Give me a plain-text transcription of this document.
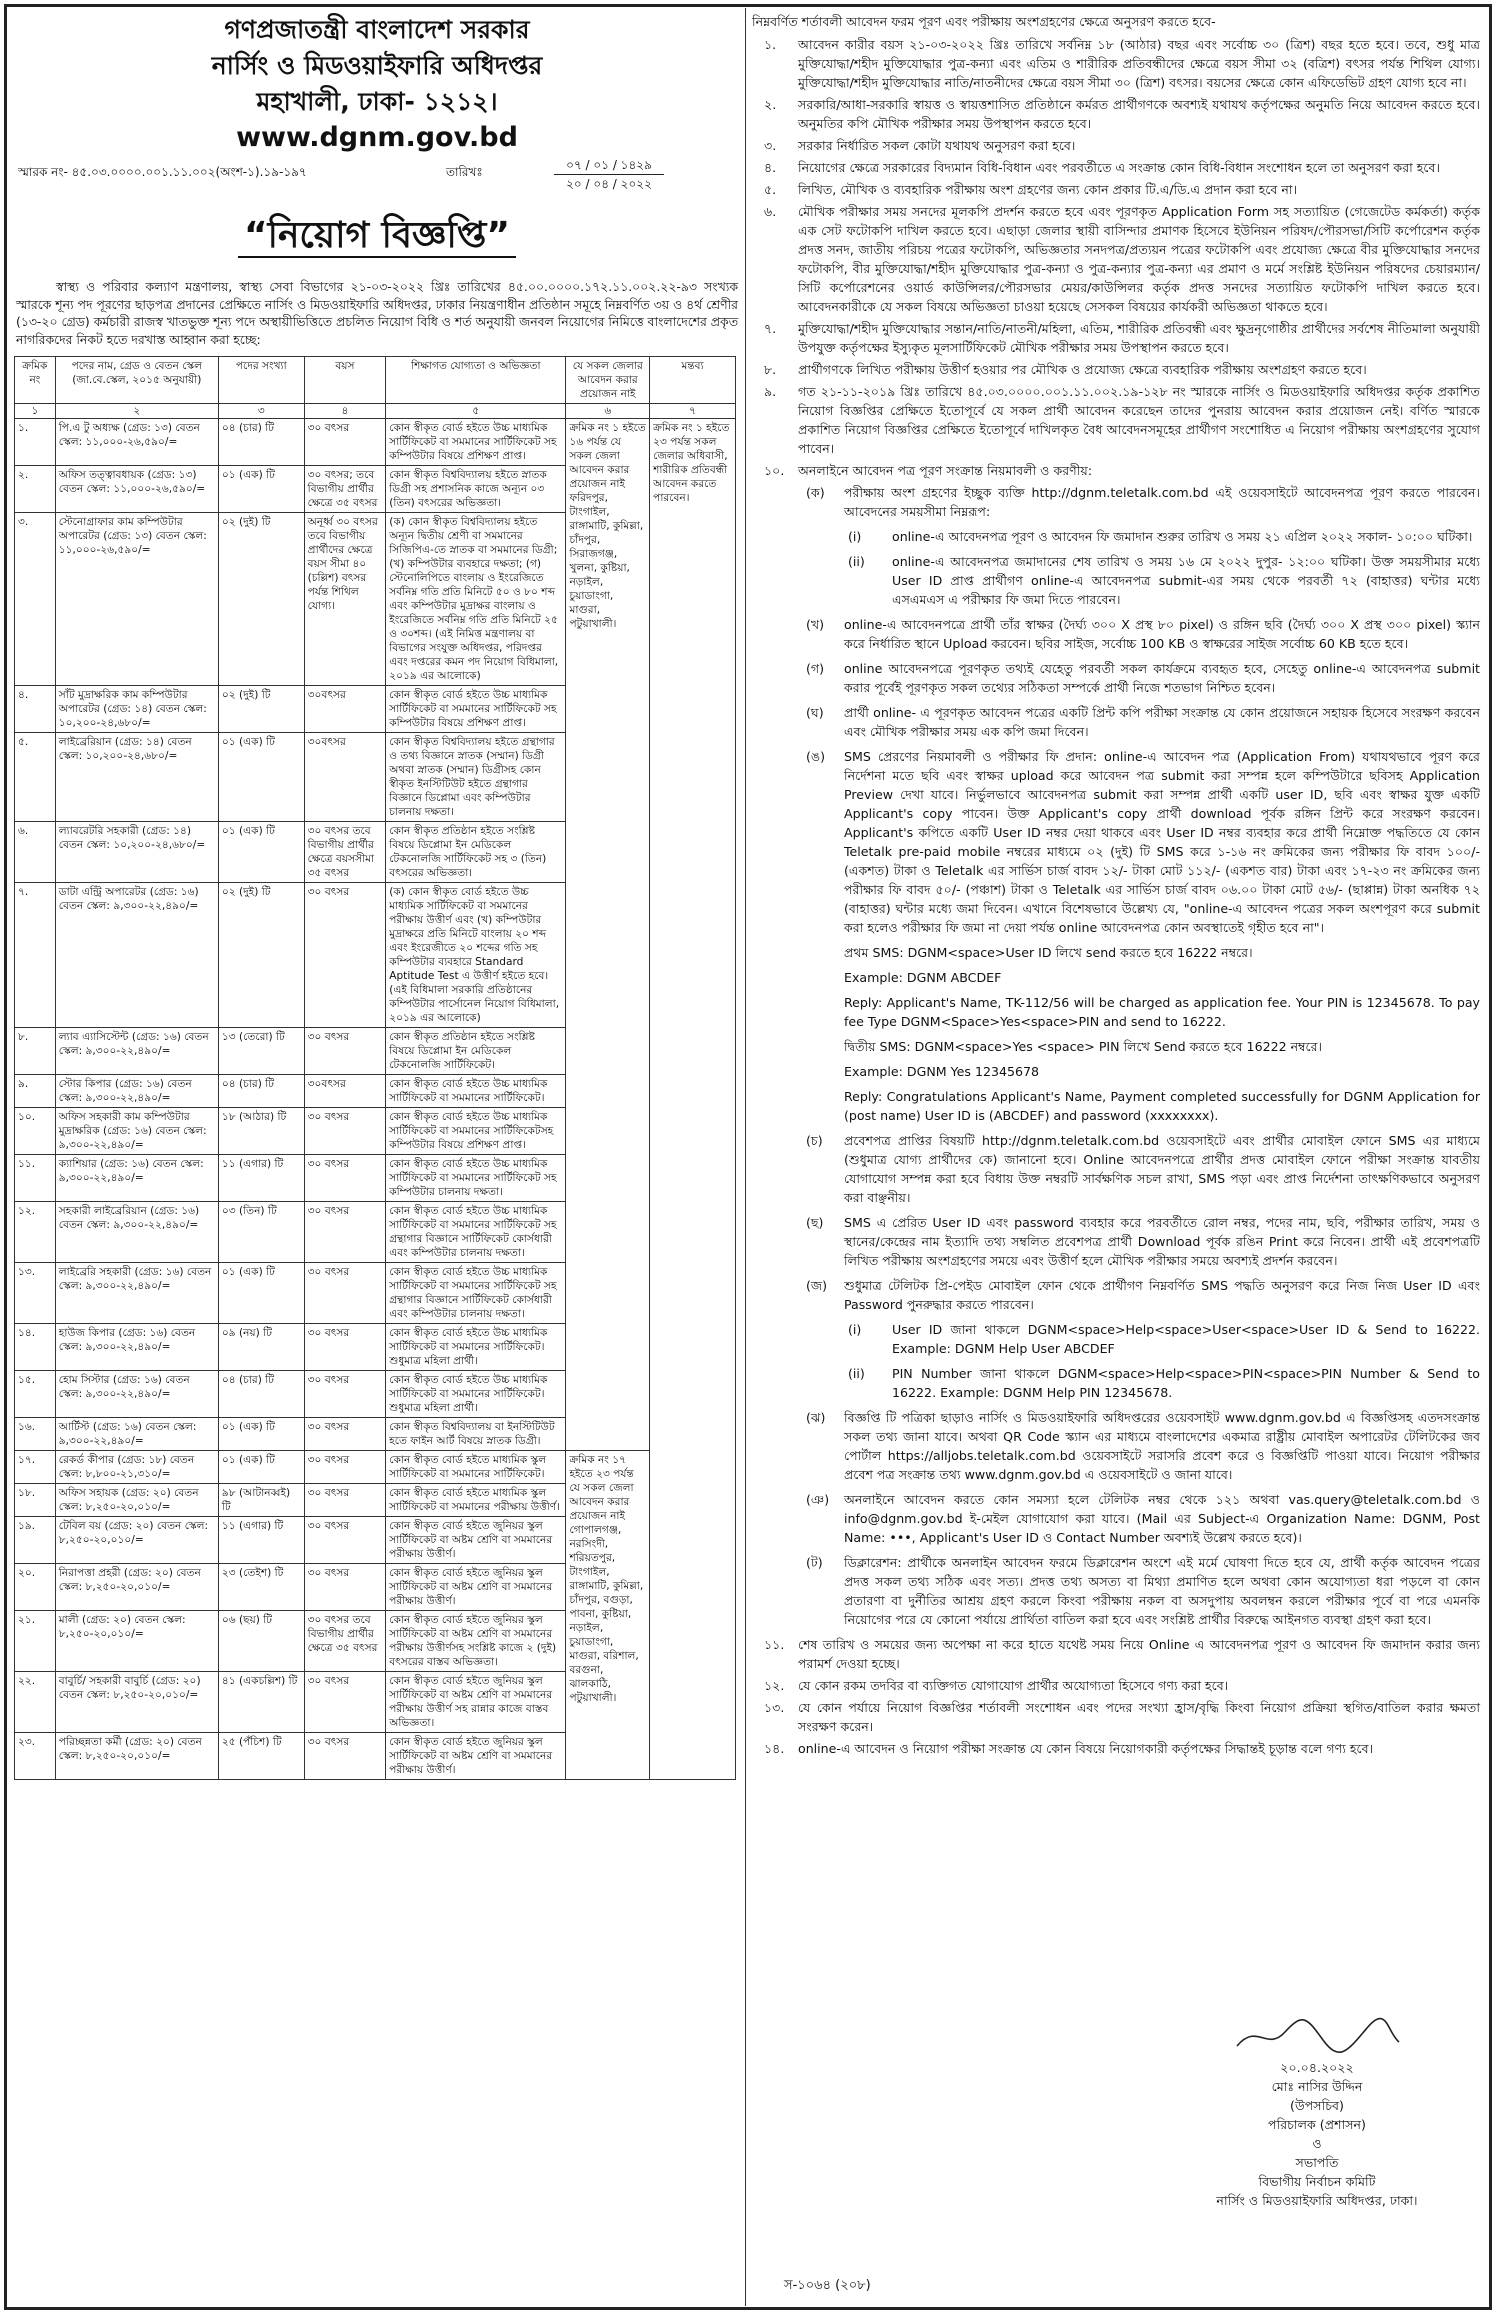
গণপ্রজাতন্ত্রী বাংলাদেশ সরকার
নার্সিং ও মিডওয়াইফারি অধিদপ্তর
মহাখালী, ঢাকা- ১২১২।
www.dgnm.gov.bd
স্মারক নং- ৪৫.০৩.০০০০.০০১.১১.০০২(অংশ-১).১৯-১৯৭	তারিখঃ	০৭ / ০১ / ১৪২৯
২০ / ০৪ / ২০২২
“নিয়োগ বিজ্ঞপ্তি”
স্বাস্থ্য ও পরিবার কল্যাণ মন্ত্রণালয়, স্বাস্থ্য সেবা বিভাগের ২১-০৩-২০২২ খ্রিঃ তারিখের ৪৫.০০.০০০০.১৭২.১১.০০২.২২-৯৩ সংখ্যক স্মারকে শূন্য পদ পূরণের ছাড়পত্র প্রদানের প্রেক্ষিতে নার্সিং ও মিডওয়াইফারি অধিদপ্তর, ঢাকার নিয়ন্ত্রণাধীন প্রতিষ্ঠান সমূহে নিম্নবর্ণিত ৩য় ও ৪র্থ শ্রেণীর (১৩-২০ গ্রেড) কর্মচারী রাজস্ব খাতভুক্ত শূন্য পদে অস্থায়ীভিত্তিতে প্রচলিত নিয়োগ বিধি ও শর্ত অনুযায়ী জনবল নিয়োগের নিমিত্তে বাংলাদেশের প্রকৃত নাগরিকদের নিকট হতে দরখাস্ত আহ্বান করা হচ্ছে:
ক্রমিক নং	পদের নাম, গ্রেড ও বেতন স্কেল (জা.বে.স্কেল, ২০১৫ অনুযায়ী)	পদের সংখ্যা	বয়স	শিক্ষাগত যোগ্যতা ও অভিজ্ঞতা	যে সকল জেলার আবেদন করার প্রয়োজন নাই	মন্তব্য
১	২	৩	৪	৫	৬	৭
১.	পি.এ টু অধ্যক্ষ (গ্রেড: ১৩) বেতন স্কেল: ১১,০০০-২৬,৫৯০/=	০৪ (চার) টি	৩০ বৎসর	কোন স্বীকৃত বোর্ড হইতে উচ্চ মাধ্যমিক সার্টিফিকেট বা সমমানের সার্টিফিকেট সহ কম্পিউটার বিষয়ে প্রশিক্ষণ প্রাপ্ত।	ক্রমিক নং ১ হইতে ১৬ পর্যন্ত যে সকল জেলা আবেদন করার প্রয়োজন নাই ফরিদপুর, টাংগাইল, রাঙ্গামাটি, কুমিল্লা, চাঁদপুর, সিরাজগঞ্জ, খুলনা, কুষ্টিয়া, নড়াইল, চুয়াডাংগা, মাগুরা, পটুয়াখালী।	ক্রমিক নং ১ হইতে ২৩ পর্যন্ত সকল জেলার অধিবাসী, শারীরিক প্রতিবন্ধী আবেদন করতে পারবেন।
২.	অফিস তত্ত্বাবধায়ক (গ্রেড: ১৩) বেতন স্কেল: ১১,০০০-২৬,৫৯০/=	০১ (এক) টি	৩০ বৎসর; তবে বিভাগীয় প্রার্থীর ক্ষেত্রে ৩৫ বৎসর	কোন স্বীকৃত বিশ্ববিদ্যালয় হইতে স্নাতক ডিগ্রী সহ প্রশাসনিক কাজে অন্যূন ০৩ (তিন) বৎসরের অভিজ্ঞতা।		
৩.	স্টেনোগ্রাফার কাম কম্পিউটার অপারেটর (গ্রেড: ১৩) বেতন স্কেল: ১১,০০০-২৬,৫৯০/=	০২ (দুই) টি	অনূর্ধ্ব ৩০ বৎসর তবে বিভাগীয় প্রার্থীদের ক্ষেত্রে বয়স সীমা ৪০ (চল্লিশ) বৎসর পর্যন্ত শিথিল যোগ্য।	(ক) কোন স্বীকৃত বিশ্ববিদ্যালয় হইতে অন্যূন দ্বিতীয় শ্রেণী বা সমমানের সিজিপিএ-তে স্নাতক বা সমমানের ডিগ্রী; (খ) কম্পিউটার ব্যবহারে দক্ষতা; (গ) স্টেনোলিপিতে বাংলায় ও ইংরেজিতে সর্বনিম্ন গতি প্রতি মিনিটে ৫০ ও ৮০ শব্দ এবং কম্পিউটার মুদ্রাক্ষর বাংলায় ও ইংরেজিতে সর্বনিম্ন গতি প্রতি মিনিটে ২৫ ও ৩০শব্দ। (এই নিমিত্ত মন্ত্রণালয় বা বিভাগের সংযুক্ত অধিদপ্তর, পরিদপ্তর এবং দপ্তরের কমন পদ নিয়োগ বিধিমালা, ২০১৯ এর আলোকে)		
৪.	সাঁট মুদ্রাক্ষরিক কাম কম্পিউটার অপারেটর (গ্রেড: ১৪) বেতন স্কেল: ১০,২০০-২৪,৬৮০/=	০২ (দুই) টি	৩০বৎসর	কোন স্বীকৃত বোর্ড হইতে উচ্চ মাধ্যমিক সার্টিফিকেট বা সমমানের সার্টিফিকেট সহ কম্পিউটার বিষয়ে প্রশিক্ষণ প্রাপ্ত।		
৫.	লাইব্রেরিয়ান (গ্রেড: ১৪) বেতন স্কেল: ১০,২০০-২৪,৬৮০/=	০১ (এক) টি	৩০বৎসর	কোন স্বীকৃত বিশ্ববিদ্যালয় হইতে গ্রন্থাগার ও তথ্য বিজ্ঞানে স্নাতক (সম্মান) ডিগ্রী অথবা স্নাতক (সম্মান) ডিগ্রীসহ কোন স্বীকৃত ইনস্টিটিউট হইতে গ্রন্থাগার বিজ্ঞানে ডিপ্লোমা এবং কম্পিউটার চালনায় দক্ষতা।		
৬.	ল্যাবরেটরি সহকারী (গ্রেড: ১৪) বেতন স্কেল: ১০,২০০-২৪,৬৮০/=	০১ (এক) টি	৩০ বৎসর তবে বিভাগীয় প্রার্থীর ক্ষেত্রে বয়সসীমা ৩৫ বৎসর	কোন স্বীকৃত প্রতিষ্ঠান হইতে সংশ্লিষ্ট বিষয়ে ডিপ্লোমা ইন মেডিকেল টেকনোলজি সার্টিফিকেট সহ ৩ (তিন) বৎসরের অভিজ্ঞতা।		
৭.	ডাটা এন্ট্রি অপারেটর (গ্রেড: ১৬) বেতন স্কেল: ৯,৩০০-২২,৪৯০/=	০২ (দুই) টি	৩০ বৎসর	(ক) কোন স্বীকৃত বোর্ড হইতে উচ্চ মাধ্যমিক সার্টিফিকেট বা সমমানের পরীক্ষায় উত্তীর্ণ এবং (খ) কম্পিউটার মুদ্রাক্ষরে প্রতি মিনিটে বাংলায় ২০ শব্দ এবং ইংরেজীতে ২০ শব্দের গতি সহ কম্পিউটার ব্যবহারে Standard Aptitude Test এ উত্তীর্ণ হইতে হবে। (এই বিধিমালা সরকারি প্রতিষ্ঠানের কম্পিউটার পার্সোনেল নিয়োগ বিধিমালা, ২০১৯ এর আলোকে)		
৮.	ল্যাব এ্যাসিস্টেন্ট (গ্রেড: ১৬) বেতন স্কেল: ৯,৩০০-২২,৪৯০/=	১৩ (তেরো) টি	৩০ বৎসর	কোন স্বীকৃত প্রতিষ্ঠান হইতে সংশ্লিষ্ট বিষয়ে ডিপ্লোমা ইন মেডিকেল টেকনোলজি সার্টিফিকেট।		
৯.	স্টোর কিপার (গ্রেড: ১৬) বেতন স্কেল: ৯,৩০০-২২,৪৯০/=	০৪ (চার) টি	৩০বৎসর	কোন স্বীকৃত বোর্ড হইতে উচ্চ মাধ্যমিক সার্টিফিকেট বা সমমানের সার্টিফিকেট।		
১০.	অফিস সহকারী কাম কম্পিউটার মুদ্রাক্ষরিক (গ্রেড: ১৬) বেতন স্কেল: ৯,৩০০-২২,৪৯০/=	১৮ (আঠার) টি	৩০ বৎসর	কোন স্বীকৃত বোর্ড হইতে উচ্চ মাধ্যমিক সার্টিফিকেট বা সমমানের সার্টিফিকেটসহ কম্পিউটার বিষয়ে প্রশিক্ষণ প্রাপ্ত।		
১১.	ক্যাশিয়ার (গ্রেড: ১৬) বেতন স্কেল: ৯,৩০০-২২,৪৯০/=	১১ (এগার) টি	৩০ বৎসর	কোন স্বীকৃত বোর্ড হইতে উচ্চ মাধ্যমিক সার্টিফিকেট বা সমমানের সার্টিফিকেট সহ কম্পিউটার চালনায় দক্ষতা।		
১২.	সহকারী লাইব্রেরিয়ান (গ্রেড: ১৬) বেতন স্কেল: ৯,৩০০-২২,৪৯০/=	০৩ (তিন) টি	৩০ বৎসর	কোন স্বীকৃত বোর্ড হইতে উচ্চ মাধ্যমিক সার্টিফিকেট বা সমমানের সার্টিফিকেট সহ গ্রন্থাগার বিজ্ঞানে সার্টিফিকেট কোর্সধারী এবং কম্পিউটার চালনায় দক্ষতা।		
১৩.	লাইব্রেরি সহকারী (গ্রেড: ১৬) বেতন স্কেল: ৯,৩০০-২২,৪৯০/=	০১ (এক) টি	৩০ বৎসর	কোন স্বীকৃত বোর্ড হইতে উচ্চ মাধ্যমিক সার্টিফিকেট বা সমমানের সার্টিফিকেট সহ গ্রন্থাগার বিজ্ঞানে সার্টিফিকেট কোর্সধারী এবং কম্পিউটার চালনায় দক্ষতা।		
১৪.	হাউজ কিপার (গ্রেড: ১৬) বেতন স্কেল: ৯,৩০০-২২,৪৯০/=	০৯ (নয়) টি	৩০ বৎসর	কোন স্বীকৃত বোর্ড হইতে উচ্চ মাধ্যমিক সার্টিফিকেট বা সমমানের সার্টিফিকেট। শুধুমাত্র মহিলা প্রার্থী।		
১৫.	হোম সিস্টার (গ্রেড: ১৬) বেতন স্কেল: ৯,৩০০-২২,৪৯০/=	০৪ (চার) টি	৩০ বৎসর	কোন স্বীকৃত বোর্ড হইতে উচ্চ মাধ্যমিক সার্টিফিকেট বা সমমানের সার্টিফিকেট। শুধুমাত্র মহিলা প্রার্থী।		
১৬.	আর্টিস্ট (গ্রেড: ১৬) বেতন স্কেল: ৯,৩০০-২২,৪৯০/=	০১ (এক) টি	৩০ বৎসর	কোন স্বীকৃত বিশ্ববিদ্যালয় বা ইনস্টিটিউট হতে ফাইন আর্ট বিষয়ে স্নাতক ডিগ্রী।		
১৭.	রেকর্ড কীপার (গ্রেড: ১৮) বেতন স্কেল: ৮,৮০০-২১,৩১০/=	০১ (এক) টি	৩০ বৎসর	কোন স্বীকৃত বোর্ড হইতে মাধ্যমিক স্কুল সার্টিফিকেট বা সমমানের সার্টিফিকেট।	ক্রমিক নং ১৭ হইতে ২৩ পর্যন্ত যে সকল জেলা আবেদন করার প্রয়োজন নাই গোপালগঞ্জ, নরসিংদী, শরিয়তপুর, টাংগাইল, রাঙ্গামাটি, কুমিল্লা, চাঁদপুর, বগুড়া, পাবনা, কুষ্টিয়া, নড়াইল, চুয়াডাংগা, মাগুরা, বরিশাল, বরগুনা, ঝালকাঠি, পটুয়াখালী।	
১৮.	অফিস সহায়ক (গ্রেড: ২০) বেতন স্কেল: ৮,২৫০-২০,০১০/=	৯৮ (আটানব্বই) টি	৩০ বৎসর	কোন স্বীকৃত বোর্ড হইতে মাধ্যমিক স্কুল সার্টিফিকেট বা সমমানের পরীক্ষায় উত্তীর্ণ।		
১৯.	টেবিল বয় (গ্রেড: ২০) বেতন স্কেল: ৮,২৫০-২০,০১০/=	১১ (এগার) টি	৩০ বৎসর	কোন স্বীকৃত বোর্ড হইতে জুনিয়র স্কুল সার্টিফিকেট বা অষ্টম শ্রেণি বা সমমানের পরীক্ষায় উত্তীর্ণ।		
২০.	নিরাপত্তা প্রহরী (গ্রেড: ২০) বেতন স্কেল: ৮,২৫০-২০,০১০/=	২৩ (তেইশ) টি	৩০ বৎসর	কোন স্বীকৃত বোর্ড হইতে জুনিয়র স্কুল সার্টিফিকেট বা অষ্টম শ্রেণি বা সমমানের পরীক্ষায় উত্তীর্ণ।		
২১.	মালী (গ্রেড: ২০) বেতন স্কেল: ৮,২৫০-২০,০১০/=	০৬ (ছয়) টি	৩০ বৎসর তবে বিভাগীয় প্রার্থীর ক্ষেত্রে ৩৫ বৎসর	কোন স্বীকৃত বোর্ড হইতে জুনিয়র স্কুল সার্টিফিকেট বা অষ্টম শ্রেণি বা সমমানের পরীক্ষায় উত্তীর্ণসহ সংশ্লিষ্ট কাজে ২ (দুই) বৎসরের বাস্তব অভিজ্ঞতা।		
২২.	বাবুর্চি/ সহকারী বাবুর্চি (গ্রেড: ২০) বেতন স্কেল: ৮,২৫০-২০,০১০/=	৪১ (একচল্লিশ) টি	৩০ বৎসর	কোন স্বীকৃত বোর্ড হইতে জুনিয়র স্কুল সার্টিফিকেট বা অষ্টম শ্রেণি বা সমমানের পরীক্ষায় উত্তীর্ণ সহ রান্নার কাজে বাস্তব অভিজ্ঞতা।		
২৩.	পরিচ্ছন্নতা কর্মী (গ্রেড: ২০) বেতন স্কেল: ৮,২৫০-২০,০১০/=	২৫ (পঁচিশ) টি	৩০ বৎসর	কোন স্বীকৃত বোর্ড হইতে জুনিয়র স্কুল সার্টিফিকেট বা অষ্টম শ্রেণি বা সমমানের পরীক্ষায় উত্তীর্ণ।		
নিম্নবর্ণিত শর্তাবলী আবেদন ফরম পূরণ এবং পরীক্ষায় অংশগ্রহণের ক্ষেত্রে অনুসরণ করতে হবে-
১. আবেদন কারীর বয়স ২১-০৩-২০২২ খ্রিঃ তারিখে সর্বনিম্ন ১৮ (আঠার) বছর এবং সর্বোচ্চ ৩০ (ত্রিশ) বছর হতে হবে। তবে, শুধু মাত্র মুক্তিযোদ্ধা/শহীদ মুক্তিযোদ্ধার পুত্র-কন্যা এবং এতিম ও শারীরিক প্রতিবন্ধীদের ক্ষেত্রে বয়স সীমা ৩২ (বত্রিশ) বৎসর পর্যন্ত শিথিল যোগ্য। মুক্তিযোদ্ধা/শহীদ মুক্তিযোদ্ধার নাতি/নাতনীদের ক্ষেত্রে বয়স সীমা ৩০ (ত্রিশ) বৎসর। বয়সের ক্ষেত্রে কোন এফিডেভিট গ্রহণ যোগ্য হবে না।
২. সরকারি/আধা-সরকারি স্বায়ত্ত ও স্বায়ত্তশাসিত প্রতিষ্ঠানে কর্মরত প্রার্থীগণকে অবশ্যই যথাযথ কর্তৃপক্ষের অনুমতি নিয়ে আবেদন করতে হবে। অনুমতির কপি মৌখিক পরীক্ষার সময় উপস্থাপন করতে হবে।
৩. সরকার নির্ধারিত সকল কোটা যথাযথ অনুসরণ করা হবে।
৪. নিয়োগের ক্ষেত্রে সরকারের বিদ্যমান বিধি-বিধান এবং পরবর্তীতে এ সংক্রান্ত কোন বিধি-বিধান সংশোধন হলে তা অনুসরণ করা হবে।
৫. লিখিত, মৌখিক ও ব্যবহারিক পরীক্ষায় অংশ গ্রহণের জন্য কোন প্রকার টি.এ/ডি.এ প্রদান করা হবে না।
৬. মৌখিক পরীক্ষার সময় সনদের মূলকপি প্রদর্শন করতে হবে এবং পূরণকৃত Application Form সহ সত্যায়িত (গেজেটেড কর্মকর্তা) কর্তৃক এক সেট ফটোকপি দাখিল করতে হবে। এছাড়া জেলার স্থায়ী বাসিন্দার প্রমাণক হিসেবে ইউনিয়ন পরিষদ/পৌরসভা/সিটি কর্পোরেশন কর্তৃক প্রদত্ত সনদ, জাতীয় পরিচয় পত্রের ফটোকপি, অভিজ্ঞতার সনদপত্র/প্রত্যয়ন পত্রের ফটোকপি এবং প্রযোজ্য ক্ষেত্রে বীর মুক্তিযোদ্ধার সনদের ফটোকপি, বীর মুক্তিযোদ্ধা/শহীদ মুক্তিযোদ্ধার পুত্র-কন্যা ও পুত্র-কন্যার পুত্র-কন্যা এর প্রমাণ ও মর্মে সংশ্লিষ্ট ইউনিয়ন পরিষদের চেয়ারম্যান/সিটি কর্পোরেশনের ওয়ার্ড কাউন্সিলর/পৌরসভার মেয়র/কাউন্সিলর কর্তৃক প্রদত্ত সনদের সত্যায়িত ফটোকপি দাখিল করতে হবে। আবেদনকারীকে যে সকল বিষয়ে অভিজ্ঞতা চাওয়া হয়েছে সেসকল বিষয়ের কার্যকরী অভিজ্ঞতা থাকতে হবে।
৭. মুক্তিযোদ্ধা/শহীদ মুক্তিযোদ্ধার সন্তান/নাতি/নাতনী/মহিলা, এতিম, শারীরিক প্রতিবন্ধী এবং ক্ষুদ্রনৃগোষ্ঠীর প্রার্থীদের সর্বশেষ নীতিমালা অনুযায়ী উপযুক্ত কর্তৃপক্ষের ইস্যুকৃত মূলসার্টিফিকেট মৌখিক পরীক্ষার সময় উপস্থাপন করতে হবে।
৮. প্রার্থীগণকে লিখিত পরীক্ষায় উত্তীর্ণ হওয়ার পর মৌখিক ও প্রযোজ্য ক্ষেত্রে ব্যবহারিক পরীক্ষায় অংশগ্রহণ করতে হবে।
৯. গত ২১-১১-২০১৯ খ্রিঃ তারিখে ৪৫.০৩.০০০০.০০১.১১.০০২.১৯-১২৮ নং স্মারকে নার্সিং ও মিডওয়াইফারি অধিদপ্তর কর্তৃক প্রকাশিত নিয়োগ বিজ্ঞপ্তির প্রেক্ষিতে ইতোপূর্বে যে সকল প্রার্থী আবেদন করেছেন তাদের পুনরায় আবেদন করার প্রয়োজন নেই। বর্ণিত স্মারকে প্রকাশিত নিয়োগ বিজ্ঞপ্তির প্রেক্ষিতে ইতোপূর্বে দাখিলকৃত বৈধ আবেদনসমূহের প্রার্থীগণ সংশোধিত এ নিয়োগ পরীক্ষায় অংশগ্রহণের সুযোগ পাবেন।
১০. অনলাইনে আবেদন পত্র পূরণ সংক্রান্ত নিয়মাবলী ও করণীয়:
(ক) পরীক্ষায় অংশ গ্রহণের ইচ্ছুক ব্যক্তি http://dgnm.teletalk.com.bd এই ওয়েবসাইটে আবেদনপত্র পূরণ করতে পারবেন। আবেদনের সময়সীমা নিম্নরূপ:
(i) online-এ আবেদনপত্র পূরণ ও আবেদন ফি জমাদান শুরুর তারিখ ও সময় ২১ এপ্রিল ২০২২ সকাল- ১০:০০ ঘটিকা।
(ii) online-এ আবেদনপত্র জমাদানের শেষ তারিখ ও সময় ১৬ মে ২০২২ দুপুর- ১২:০০ ঘটিকা। উক্ত সময়সীমার মধ্যে User ID প্রাপ্ত প্রার্থীগণ online-এ আবেদনপত্র submit-এর সময় থেকে পরবর্তী ৭২ (বাহাত্তর) ঘন্টার মধ্যে এসএমএস এ পরীক্ষার ফি জমা দিতে পারবেন।
(খ) online-এ আবেদনপত্রে প্রার্থী তাঁর স্বাক্ষর (দৈর্ঘ্য ৩০০ X প্রস্থ ৮০ pixel) ও রঙ্গিন ছবি (দৈর্ঘ্য ৩০০ X প্রস্থ ৩০০ pixel) স্ক্যান করে নির্ধারিত স্থানে Upload করবেন। ছবির সাইজ, সর্বোচ্চ 100 KB ও স্বাক্ষরের সাইজ সর্বোচ্চ 60 KB হতে হবে।
(গ) online আবেদনপত্রে পূরণকৃত তথ্যই যেহেতু পরবর্তী সকল কার্যক্রমে ব্যবহৃত হবে, সেহেতু online-এ আবেদনপত্র submit করার পূর্বেই পূরণকৃত সকল তথ্যের সঠিকতা সম্পর্কে প্রার্থী নিজে শতভাগ নিশ্চিত হবেন।
(ঘ) প্রার্থী online- এ পূরণকৃত আবেদন পত্রের একটি প্রিন্ট কপি পরীক্ষা সংক্রান্ত যে কোন প্রয়োজনে সহায়ক হিসেবে সংরক্ষণ করবেন এবং মৌখিক পরীক্ষার সময় এক কপি জমা দিবেন।
(ঙ) SMS প্রেরণের নিয়মাবলী ও পরীক্ষার ফি প্রদান: online-এ আবেদন পত্র (Application From) যথাযথভাবে পূরণ করে নির্দেশনা মতে ছবি এবং স্বাক্ষর upload করে আবেদন পত্র submit করা সম্পন্ন হলে কম্পিউটারে ছবিসহ Application Preview দেখা যাবে। নির্ভুলভাবে আবেদনপত্র submit করা সম্পন্ন প্রার্থী একটি user ID, ছবি এবং স্বাক্ষর যুক্ত একটি Applicant's copy পাবেন। উক্ত Applicant's copy প্রার্থী download পূর্বক রঙ্গিন প্রিন্ট করে সংরক্ষণ করবেন। Applicant's কপিতে একটি User ID নম্বর দেয়া থাকবে এবং User ID নম্বর ব্যবহার করে প্রার্থী নিম্নোক্ত পদ্ধতিতে যে কোন Teletalk pre-paid mobile নম্বরের মাধ্যমে ০২ (দুই) টি SMS করে ১-১৬ নং ক্রমিকের জন্য পরীক্ষার ফি বাবদ ১০০/- (একশত) টাকা ও Teletalk এর সার্ভিস চার্জ বাবদ ১২/- টাকা মোট ১১২/- (একশত বার) টাকা এবং ১৭-২৩ নং ক্রমিকের জন্য পরীক্ষার ফি বাবদ ৫০/- (পঞ্চাশ) টাকা ও Teletalk এর সার্ভিস চার্জ বাবদ ০৬.০০ টাকা মোট ৫৬/- (ছাপ্পান্ন) টাকা অনধিক ৭২ (বাহাত্তর) ঘন্টার মধ্যে জমা দিবেন। এখানে বিশেষভাবে উল্লেখ্য যে, "online-এ আবেদন পত্রের সকল অংশপূরণ করে submit করা হলেও পরীক্ষার ফি জমা না দেয়া পর্যন্ত online আবেদনপত্র কোন অবস্থাতেই গৃহীত হবে না"।
প্রথম SMS: DGNM<space>User ID লিখে send করতে হবে 16222 নম্বরে।
Example: DGNM ABCDEF
Reply: Applicant's Name, TK-112/56 will be charged as application fee. Your PIN is 12345678. To pay fee Type DGNM<Space>Yes<space>PIN and send to 16222.
দ্বিতীয় SMS: DGNM<space>Yes <space> PIN লিখে Send করতে হবে 16222 নম্বরে।
Example: DGNM Yes 12345678
Reply: Congratulations Applicant's Name, Payment completed successfully for DGNM Application for (post name) User ID is (ABCDEF) and password (xxxxxxxx).
(চ) প্রবেশপত্র প্রাপ্তির বিষয়টি http://dgnm.teletalk.com.bd ওয়েবসাইটে এবং প্রার্থীর মোবাইল ফোনে SMS এর মাধ্যমে (শুধুমাত্র যোগ্য প্রার্থীদের কে) জানানো হবে। Online আবেদনপত্রে প্রার্থীর প্রদত্ত মোবাইল ফোনে পরীক্ষা সংক্রান্ত যাবতীয় যোগাযোগ সম্পন্ন করা হবে বিধায় উক্ত নম্বরটি সার্বক্ষণিক সচল রাখা, SMS পড়া এবং প্রাপ্ত নির্দেশনা তাৎক্ষণিকভাবে অনুসরণ করা বাঞ্ছনীয়।
(ছ) SMS এ প্রেরিত User ID এবং password ব্যবহার করে পরবর্তীতে রোল নম্বর, পদের নাম, ছবি, পরীক্ষার তারিখ, সময় ও স্থানের/কেন্দ্রের নাম ইত্যাদি তথ্য সম্বলিত প্রবেশপত্র প্রার্থী Download পূর্বক রঙিন Print করে নিবেন। প্রার্থী এই প্রবেশপত্রটি লিখিত পরীক্ষায় অংশগ্রহণের সময়ে এবং উত্তীর্ণ হলে মৌখিক পরীক্ষার সময়ে অবশ্যই প্রদর্শন করবেন।
(জ) শুধুমাত্র টেলিটক প্রি-পেইড মোবাইল ফোন থেকে প্রার্থীগণ নিম্নবর্ণিত SMS পদ্ধতি অনুসরণ করে নিজ নিজ User ID এবং Password পুনরুদ্ধার করতে পারবেন।
(i) User ID জানা থাকলে DGNM<space>Help<space>User<space>User ID & Send to 16222. Example: DGNM Help User ABCDEF
(ii) PIN Number জানা থাকলে DGNM<space>Help<space>PIN<space>PIN Number & Send to 16222. Example: DGNM Help PIN 12345678.
(ঝ) বিজ্ঞপ্তি টি পত্রিকা ছাড়াও নার্সিং ও মিডওয়াইফারি অধিদপ্তরের ওয়েবসাইট www.dgnm.gov.bd এ বিজ্ঞপ্তিসহ এতদসংক্রান্ত সকল তথ্য জানা যাবে। অথবা QR Code স্ক্যান এর মাধ্যমে বাংলাদেশের একমাত্র রাষ্ট্রীয় মোবাইল অপারেটর টেলিটকের জব পোর্টাল https://alljobs.teletalk.com.bd ওয়েবসাইটে সরাসরি প্রবেশ করে ও বিজ্ঞপ্তিটি পাওয়া যাবে। নিয়োগ পরীক্ষার প্রবেশ পত্র সংক্রান্ত তথ্য www.dgnm.gov.bd এ ওয়েবসাইটে ও জানা যাবে।
(ঞ) অনলাইনে আবেদন করতে কোন সমস্যা হলে টেলিটক নম্বর থেকে ১২১ অথবা vas.query@teletalk.com.bd ও info@dgnm.gov.bd ই-মেইল যোগাযোগ করা যাবে। (Mail এর Subject-এ Organization Name: DGNM, Post Name: •••, Applicant's User ID ও Contact Number অবশ্যই উল্লেখ করতে হবে)।
(ট) ডিক্লারেশন: প্রার্থীকে অনলাইন আবেদন ফরমে ডিক্লারেশন অংশে এই মর্মে ঘোষণা দিতে হবে যে, প্রার্থী কর্তৃক আবেদন পত্রের প্রদত্ত সকল তথ্য সঠিক এবং সত্য। প্রদত্ত তথ্য অসত্য বা মিথ্যা প্রমাণিত হলে অথবা কোন অযোগ্যতা ধরা পড়লে বা কোন প্রতারণা বা দুর্নীতির আশ্রয় গ্রহণ করলে কিংবা পরীক্ষায় নকল বা অসদুপায় অবলম্বন করলে পরীক্ষার পূর্বে বা পরে এমনকি নিয়োগের পরে যে কোনো পর্যায়ে প্রার্থিতা বাতিল করা হবে এবং সংশ্লিষ্ট প্রার্থীর বিরুদ্ধে আইনগত ব্যবস্থা গ্রহণ করা হবে।
১১. শেষ তারিখ ও সময়ের জন্য অপেক্ষা না করে হাতে যথেষ্ট সময় নিয়ে Online এ আবেদনপত্র পূরণ ও আবেদন ফি জমাদান করার জন্য পরামর্শ দেওয়া হচ্ছে।
১২. যে কোন রকম তদবির বা ব্যক্তিগত যোগাযোগ প্রার্থীর অযোগ্যতা হিসেবে গণ্য করা হবে।
১৩. যে কোন পর্যায়ে নিয়োগ বিজ্ঞপ্তির শর্তাবলী সংশোধন এবং পদের সংখ্যা হ্রাস/বৃদ্ধি কিংবা নিয়োগ প্রক্রিয়া স্থগিত/বাতিল করার ক্ষমতা সংরক্ষণ করেন।
১৪. online-এ আবেদন ও নিয়োগ পরীক্ষা সংক্রান্ত যে কোন বিষয়ে নিয়োগকারী কর্তৃপক্ষের সিদ্ধান্তই চূড়ান্ত বলে গণ্য হবে।
২০.০৪.২০২২
মোঃ নাসির উদ্দিন
(উপসচিব)
পরিচালক (প্রশাসন)
ও
সভাপতি
বিভাগীয় নির্বাচন কমিটি
নার্সিং ও মিডওয়াইফারি অধিদপ্তর, ঢাকা।
স-১০৬৪ (২০৮)
